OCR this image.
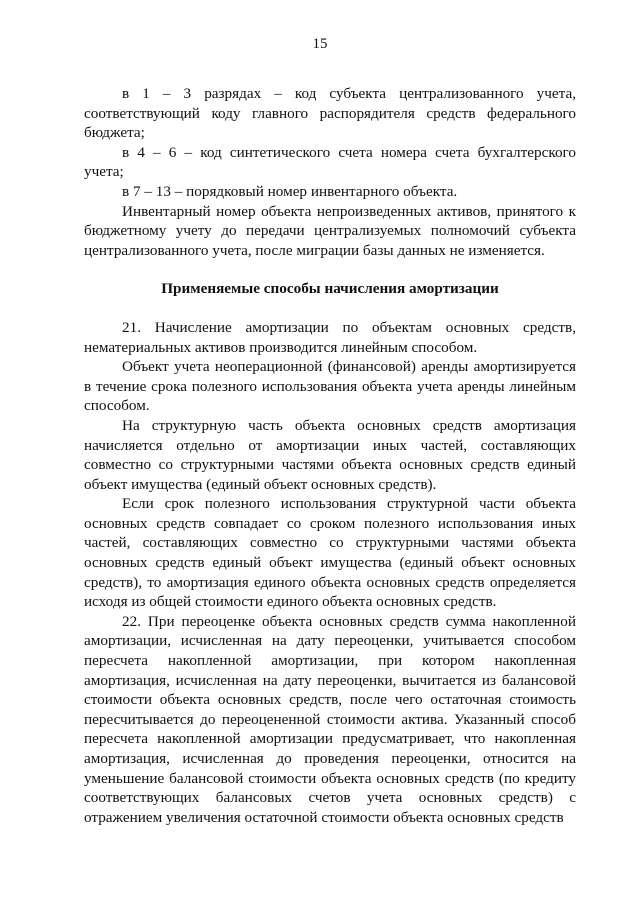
15

в 1 – 3 разрядах – код субъекта централизованного учета, соответствующий коду главного распорядителя средств федерального бюджета;

в 4 – 6 – код синтетического счета номера счета бухгалтерского учета;

в 7 – 13 – порядковый номер инвентарного объекта.

Инвентарный номер объекта непроизведенных активов, принятого к бюджетному учету до передачи централизуемых полномочий субъекта централизованного учета, после миграции базы данных не изменяется.

Применяемые способы начисления амортизации

21. Начисление амортизации по объектам основных средств, нематериальных активов производится линейным способом.

Объект учета неоперационной (финансовой) аренды амортизируется в течение срока полезного использования объекта учета аренды линейным способом.

На структурную часть объекта основных средств амортизация начисляется отдельно от амортизации иных частей, составляющих совместно со структурными частями объекта основных средств единый объект имущества (единый объект основных средств).

Если срок полезного использования структурной части объекта основных средств совпадает со сроком полезного использования иных частей, составляющих совместно со структурными частями объекта основных средств единый объект имущества (единый объект основных средств), то амортизация единого объекта основных средств определяется исходя из общей стоимости единого объекта основных средств.

22. При переоценке объекта основных средств сумма накопленной амортизации, исчисленная на дату переоценки, учитывается способом пересчета накопленной амортизации, при котором накопленная амортизация, исчисленная на дату переоценки, вычитается из балансовой стоимости объекта основных средств, после чего остаточная стоимость пересчитывается до переоцененной стоимости актива. Указанный способ пересчета накопленной амортизации предусматривает, что накопленная амортизация, исчисленная до проведения переоценки, относится на уменьшение балансовой стоимости объекта основных средств (по кредиту соответствующих балансовых счетов учета основных средств) с отражением увеличения остаточной стоимости объекта основных средств
